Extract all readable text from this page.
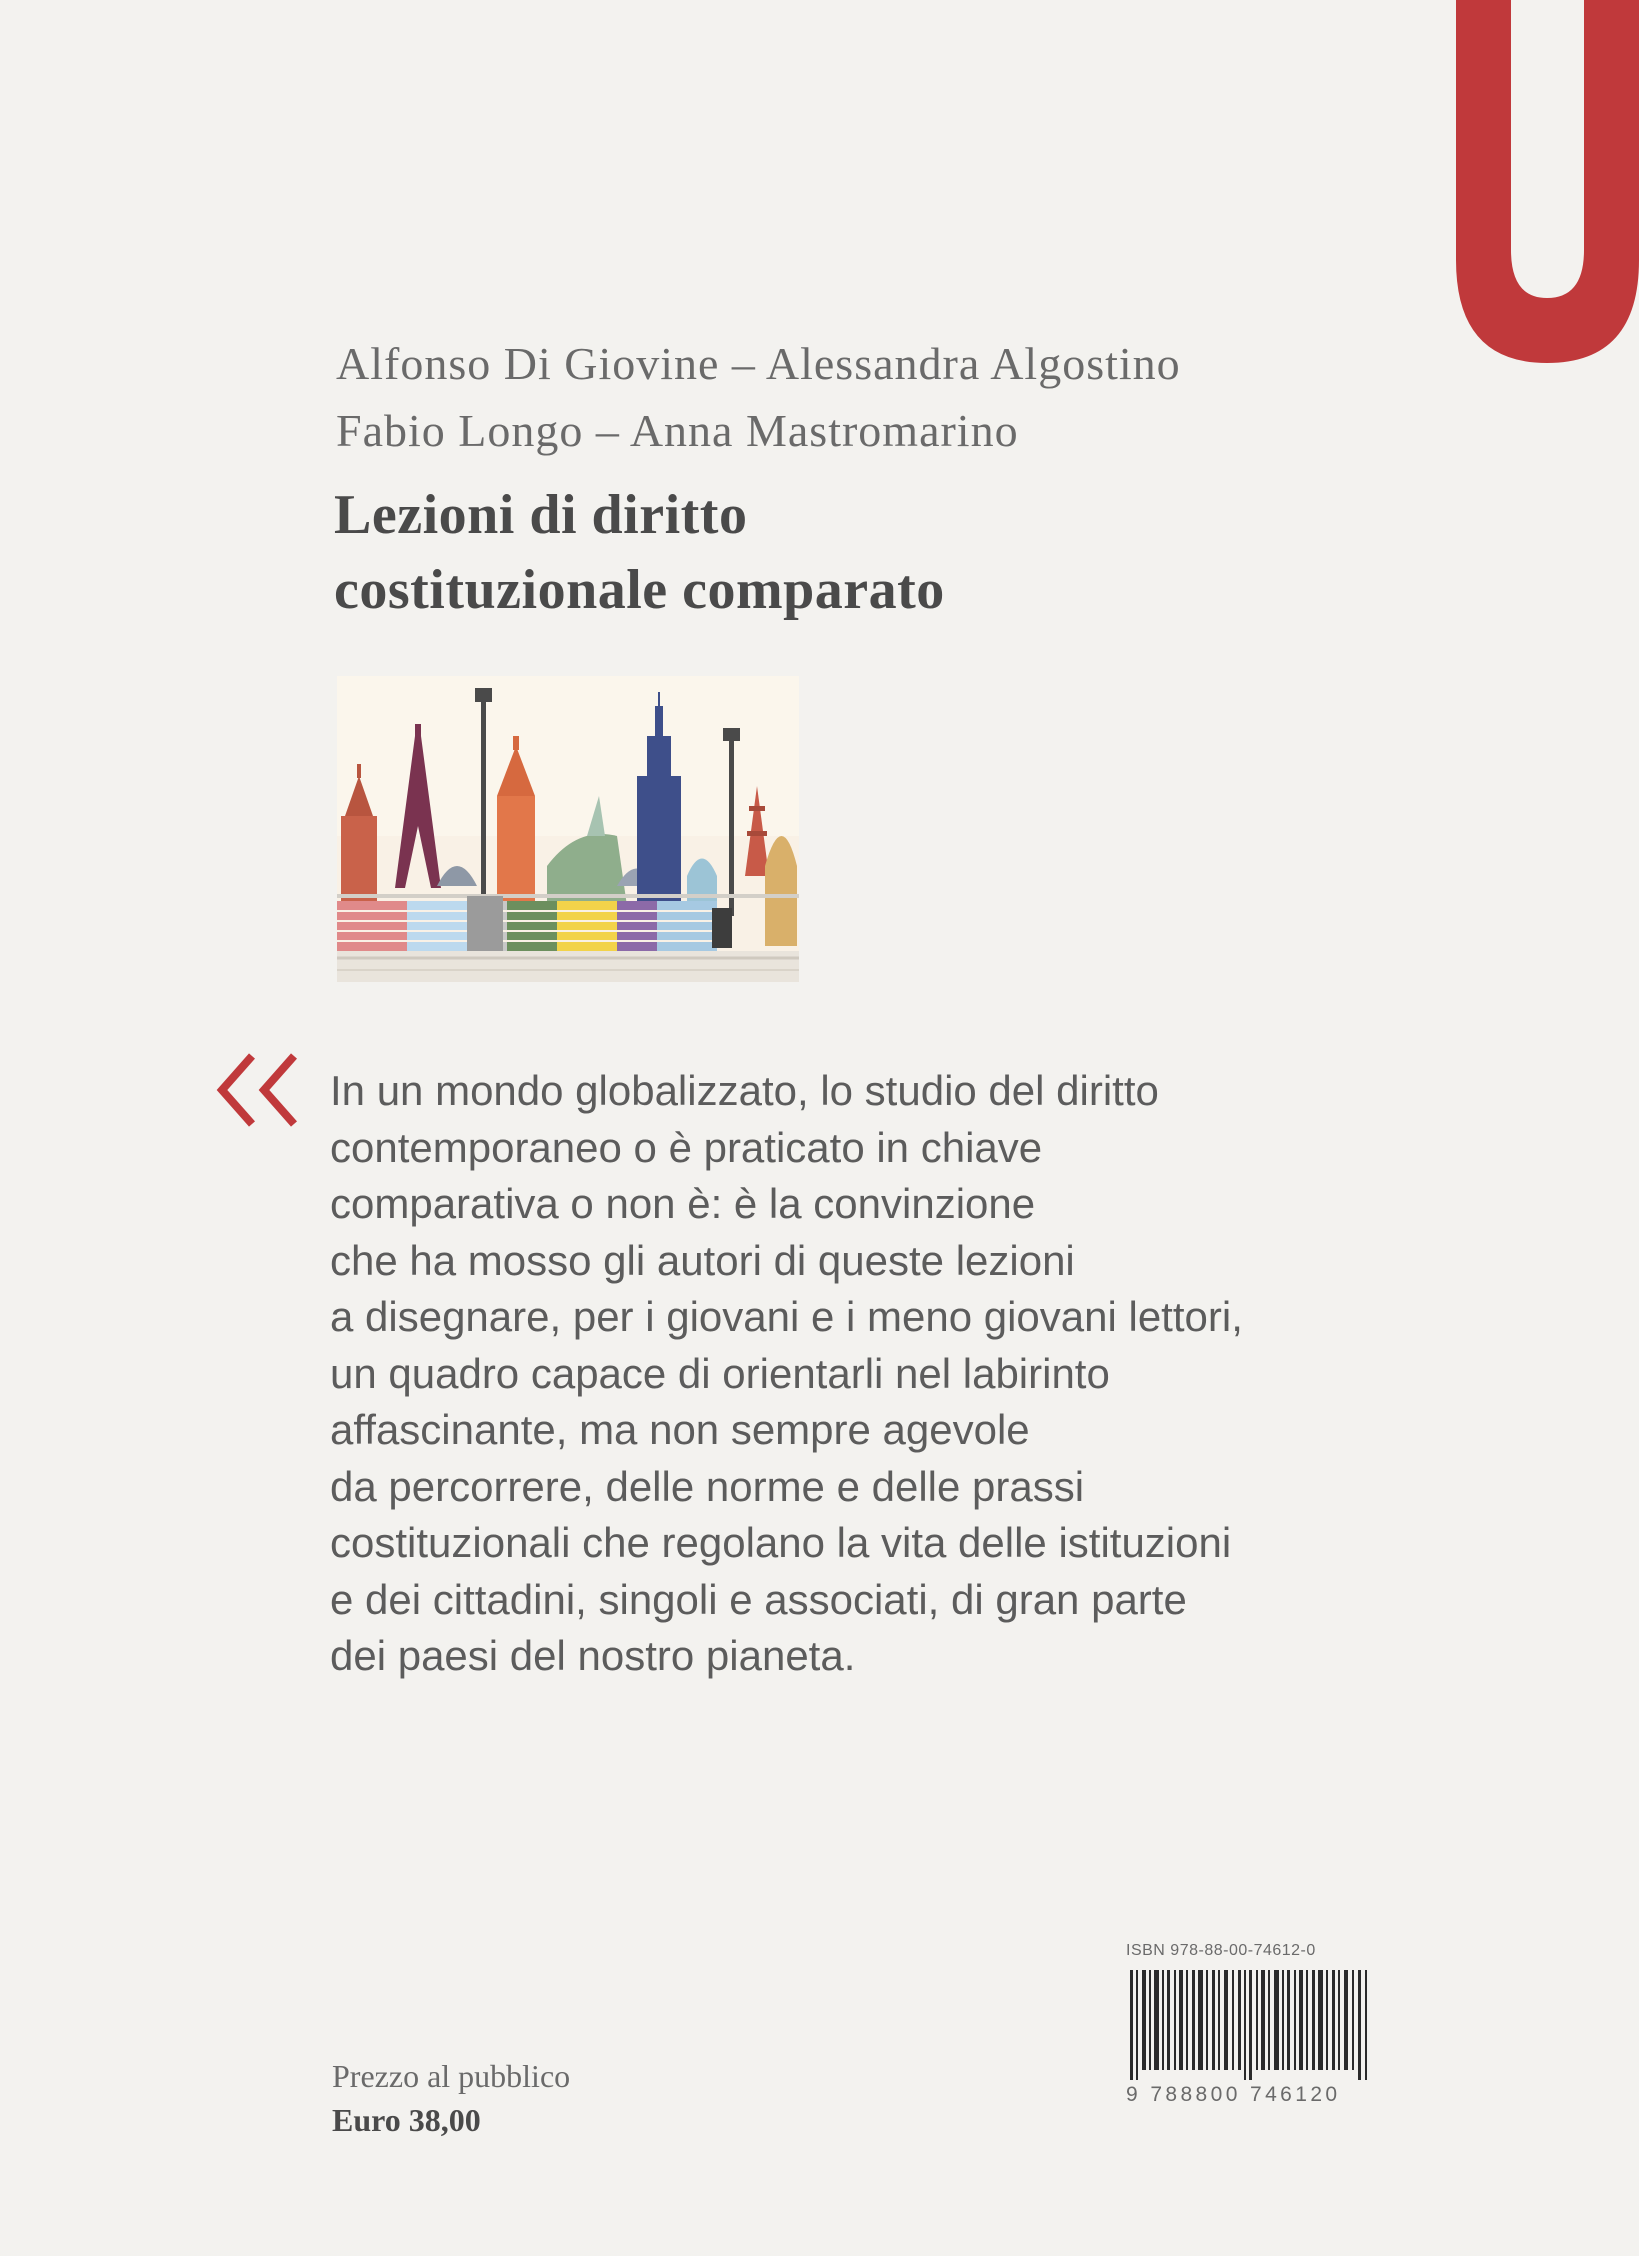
Alfonso Di Giovine – Alessandra Algostino
Fabio Longo – Anna Mastromarino
Lezioni di diritto
costituzionale comparato
In un mondo globalizzato, lo studio del diritto
contemporaneo o è praticato in chiave
comparativa o non è: è la convinzione
che ha mosso gli autori di queste lezioni
a disegnare, per i giovani e i meno giovani lettori,
un quadro capace di orientarli nel labirinto
affascinante, ma non sempre agevole
da percorrere, delle norme e delle prassi
costituzionali che regolano la vita delle istituzioni
e dei cittadini, singoli e associati, di gran parte
dei paesi del nostro pianeta.
Prezzo al pubblico
Euro 38,00
ISBN 978-88-00-74612-0
9 788800 746120
